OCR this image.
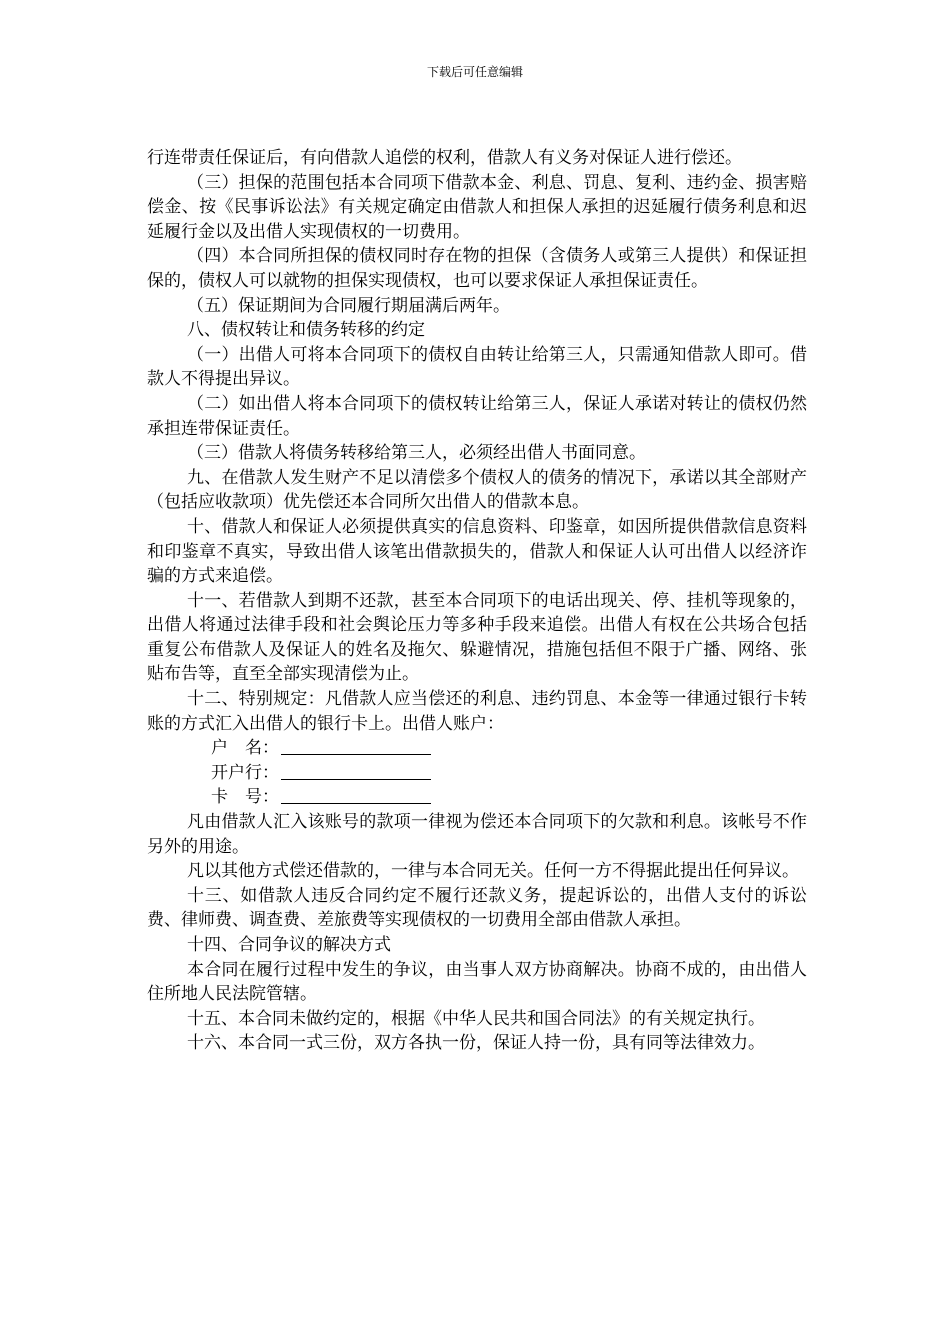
下载后可任意编辑

行连带责任保证后，有向借款人追偿的权利，借款人有义务对保证人进行偿还。

（三）担保的范围包括本合同项下借款本金、利息、罚息、复利、违约金、损害赔偿金、按《民事诉讼法》有关规定确定由借款人和担保人承担的迟延履行债务利息和迟延履行金以及出借人实现债权的一切费用。

（四）本合同所担保的债权同时存在物的担保（含债务人或第三人提供）和保证担保的，债权人可以就物的担保实现债权，也可以要求保证人承担保证责任。

（五）保证期间为合同履行期届满后两年。

八、债权转让和债务转移的约定

（一）出借人可将本合同项下的债权自由转让给第三人，只需通知借款人即可。借款人不得提出异议。

（二）如出借人将本合同项下的债权转让给第三人，保证人承诺对转让的债权仍然承担连带保证责任。

（三）借款人将债务转移给第三人，必须经出借人书面同意。

九、在借款人发生财产不足以清偿多个债权人的债务的情况下，承诺以其全部财产（包括应收款项）优先偿还本合同所欠出借人的借款本息。

十、借款人和保证人必须提供真实的信息资料、印鉴章，如因所提供借款信息资料和印鉴章不真实，导致出借人该笔出借款损失的，借款人和保证人认可出借人以经济诈骗的方式来追偿。

十一、若借款人到期不还款，甚至本合同项下的电话出现关、停、挂机等现象的，出借人将通过法律手段和社会舆论压力等多种手段来追偿。出借人有权在公共场合包括重复公布借款人及保证人的姓名及拖欠、躲避情况，措施包括但不限于广播、网络、张贴布告等，直至全部实现清偿为止。

十二、特别规定：凡借款人应当偿还的利息、违约罚息、本金等一律通过银行卡转账的方式汇入出借人的银行卡上。出借人账户：

户　名：

开户行：

卡　号：

凡由借款人汇入该账号的款项一律视为偿还本合同项下的欠款和利息。该帐号不作另外的用途。

凡以其他方式偿还借款的，一律与本合同无关。任何一方不得据此提出任何异议。

十三、如借款人违反合同约定不履行还款义务，提起诉讼的，出借人支付的诉讼费、律师费、调查费、差旅费等实现债权的一切费用全部由借款人承担。

十四、合同争议的解决方式

本合同在履行过程中发生的争议，由当事人双方协商解决。协商不成的，由出借人住所地人民法院管辖。

十五、本合同未做约定的，根据《中华人民共和国合同法》的有关规定执行。

十六、本合同一式三份，双方各执一份，保证人持一份，具有同等法律效力。
